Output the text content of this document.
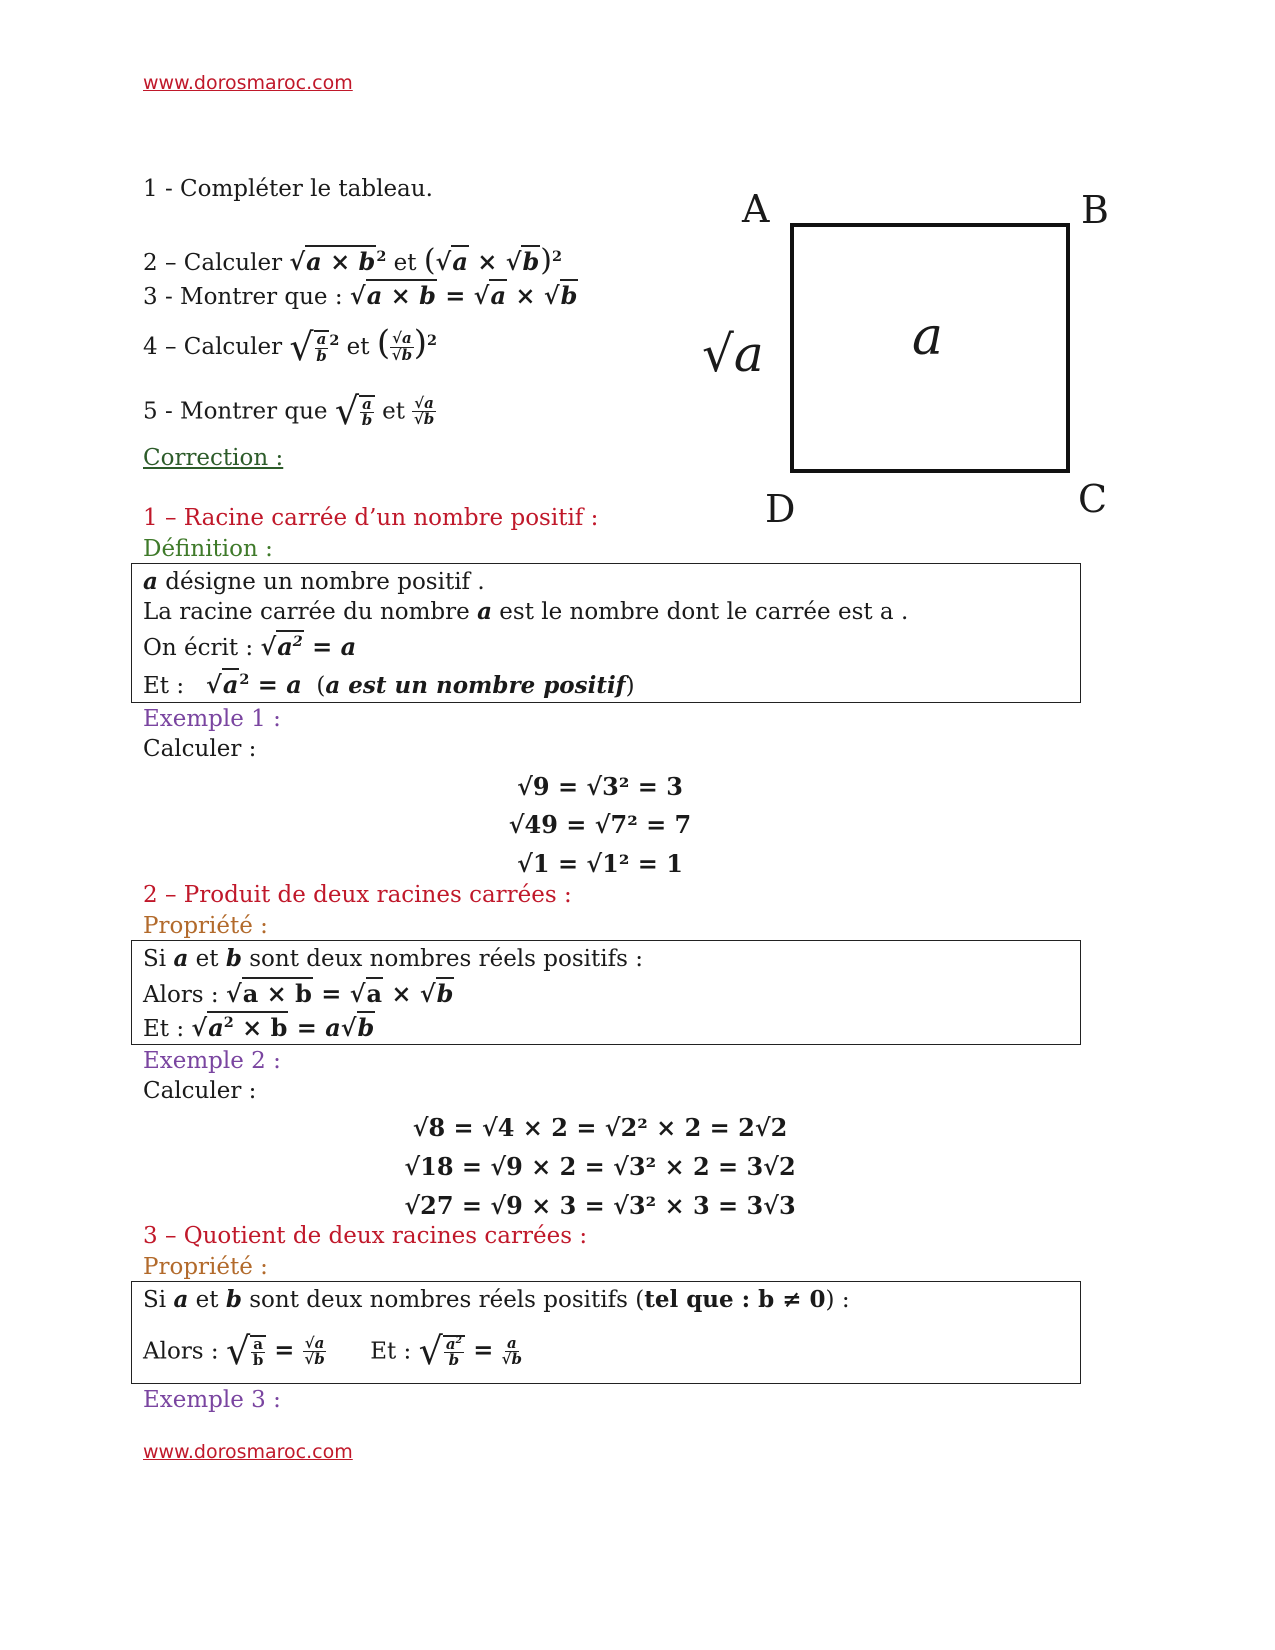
www.dorosmaroc.com
1 - Compléter le tableau.
2 – Calculer $√a \times b^2$ et $(√a \times √b)^2$
3 - Montrer que : √a × b = √a × √b
4 – Calculer √ $\frac{a}{b} ^2$ et ( $\frac{√a}{√b} )^2$
5 - Montrer que √ $\frac{a}{b}$ et $\frac{√a}{√b}$
Correction :
A	B
C
D
√a	a
1 – Racine carrée d’un nombre positif :
Définition :
a désigne un nombre positif .
La racine carrée du nombre a est le nombre dont le carrée est a .
On écrit : $√a^2 = a$
Et : $√a^2 = a$  (a est un nombre positif)
Exemple 1 :
Calculer :
√9 = √3² = 3
√49 = √7² = 7
√1 = √1² = 1
2 – Produit de deux racines carrées :
Propriété :
Si a et b sont deux nombres réels positifs :
Alors : √a × b = √a × √b
Et : $√a^2 \times b = a√b$
Exemple 2 :
Calculer :
√8 = √4 × 2 = √2² × 2 = 2√2
√18 = √9 × 2 = √3² × 2 = 3√2
√27 = √9 × 3 = √3² × 3 = 3√3
3 – Quotient de deux racines carrées :
Propriété :
Si a et b sont deux nombres réels positifs (tel que : b ≠ 0) :
Alors : √ $\frac{a}{b} = \frac{√a}{√b}$ Et : √ $\frac{a^2}{b} = \frac{a}{√b}$
Exemple 3 :
www.dorosmaroc.com
